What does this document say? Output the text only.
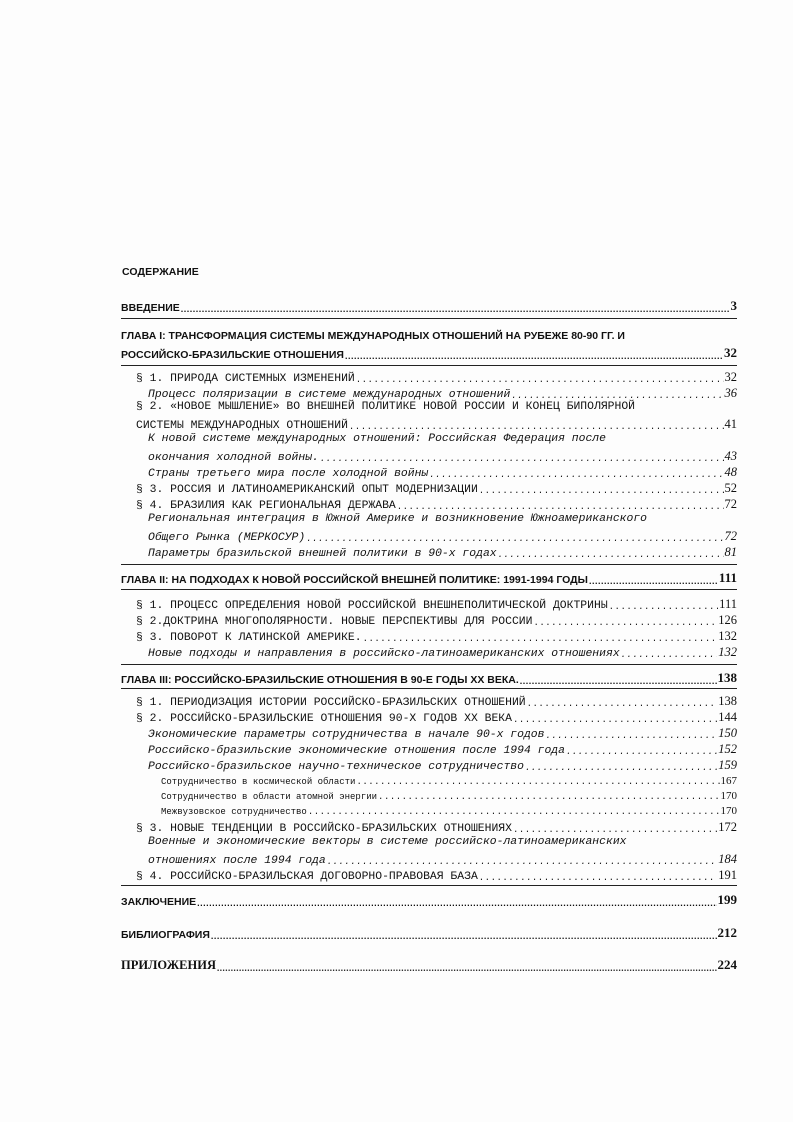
СОДЕРЖАНИЕ
ВВЕДЕНИЕ .....	3
ГЛАВА I: ТРАНСФОРМАЦИЯ СИСТЕМЫ МЕЖДУНАРОДНЫХ ОТНОШЕНИЙ НА РУБЕЖЕ 80-90 ГГ. И
РОССИЙСКО-БРАЗИЛЬСКИЕ ОТНОШЕНИЯ .....	32
§ 1. ПРИРОДА СИСТЕМНЫХ ИЗМЕНЕНИЙ .....	32
Процесс поляризации в системе международных отношений .....	36
§ 2. «НОВОЕ МЫШЛЕНИЕ» ВО ВНЕШНЕЙ ПОЛИТИКЕ НОВОЙ РОССИИ И КОНЕЦ БИПОЛЯРНОЙ
СИСТЕМЫ МЕЖДУНАРОДНЫХ ОТНОШЕНИЙ .....	41
К новой системе международных отношений: Российская Федерация после
окончания холодной войны. .....	43
Страны третьего мира после холодной войны .....	48
§ 3. РОССИЯ И ЛАТИНОАМЕРИКАНСКИЙ ОПЫТ МОДЕРНИЗАЦИИ .....	52
§ 4. БРАЗИЛИЯ КАК РЕГИОНАЛЬНАЯ ДЕРЖАВА .....	72
Региональная интеграция в Южной Америке и возникновение Южноамериканского
Общего Рынка (МЕРКОСУР) .....	72
Параметры бразильской внешней политики в 90-х годах .....	81
ГЛАВА II: НА ПОДХОДАХ К НОВОЙ РОССИЙСКОЙ ВНЕШНЕЙ ПОЛИТИКЕ: 1991-1994 ГОДЫ .....	111
§ 1. ПРОЦЕСС ОПРЕДЕЛЕНИЯ НОВОЙ РОССИЙСКОЙ ВНЕШНЕПОЛИТИЧЕСКОЙ ДОКТРИНЫ .....	111
§ 2.ДОКТРИНА МНОГОПОЛЯРНОСТИ. НОВЫЕ ПЕРСПЕКТИВЫ ДЛЯ РОССИИ .....	126
§ 3. ПОВОРОТ К ЛАТИНСКОЙ АМЕРИКЕ. .....	132
Новые подходы и направления в российско-латиноамериканских отношениях .....	132
ГЛАВА III: РОССИЙСКО-БРАЗИЛЬСКИЕ ОТНОШЕНИЯ В 90-Е ГОДЫ XX ВЕКА. .....	138
§ 1. ПЕРИОДИЗАЦИЯ ИСТОРИИ РОССИЙСКО-БРАЗИЛЬСКИХ ОТНОШЕНИЙ .....	138
§ 2. РОССИЙСКО-БРАЗИЛЬСКИЕ ОТНОШЕНИЯ 90-Х ГОДОВ XX ВЕКА .....	144
Экономические параметры сотрудничества в начале 90-х годов .....	150
Российско-бразильские экономические отношения после 1994 года .....	152
Российско-бразильское научно-техническое сотрудничество .....	159
Сотрудничество в космической области .....	167
Сотрудничество в области атомной энергии .....	170
Межвузовское сотрудничество .....	170
§ 3. НОВЫЕ ТЕНДЕНЦИИ В РОССИЙСКО-БРАЗИЛЬСКИХ ОТНОШЕНИЯХ .....	172
Военные и экономические векторы в системе российско-латиноамериканских
отношениях после 1994 года .....	184
§ 4. РОССИЙСКО-БРАЗИЛЬСКАЯ ДОГОВОРНО-ПРАВОВАЯ БАЗА .....	191
ЗАКЛЮЧЕНИЕ .....	199
БИБЛИОГРАФИЯ .....	212
ПРИЛОЖЕНИЯ .....	224
